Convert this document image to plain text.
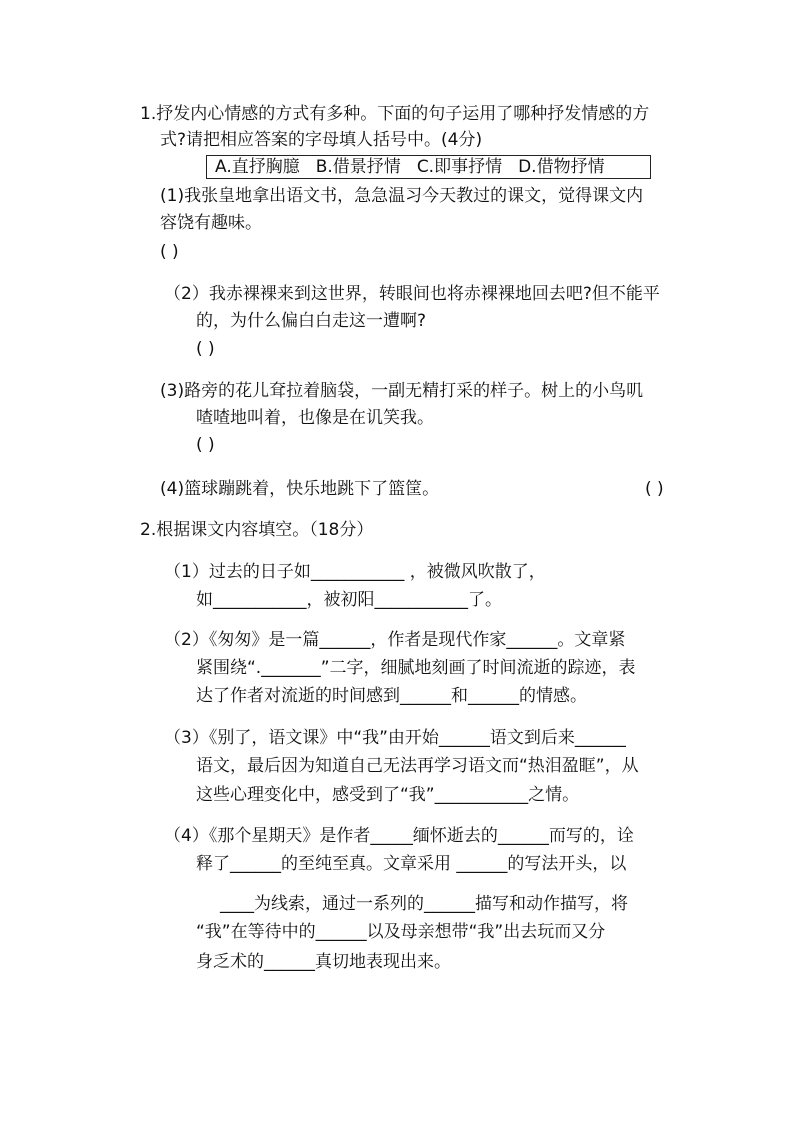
1.抒发内心情感的方式有多种。下面的句子运用了哪种抒发情感的方
式?请把相应答案的字母填人括号中。(4分)
A.直抒胸臆 B.借景抒情 C.即事抒情 D.借物抒情
(1)我张皇地拿出语文书，急急温习今天教过的课文，觉得课文内
容饶有趣味。
( )
（2）我赤裸裸来到这世界，转眼间也将赤裸裸地回去吧?但不能平
的，为什么偏白白走这一遭啊?
( )
(3)路旁的花儿耷拉着脑袋，一副无精打采的样子。树上的小鸟叽
喳喳地叫着，也像是在讥笑我。
( )
(4)篮球蹦跳着，快乐地跳下了篮筐。	( )
2.根据课文内容填空。（18分）
（1）过去的日子如___________ ，被微风吹散了，
如___________，被初阳___________了。
（2）《匆匆》是一篇______，作者是现代作家______。文章紧
紧围绕“._______”二字，细腻地刻画了时间流逝的踪迹，表
达了作者对流逝的时间感到______和______的情感。
（3）《别了，语文课》中“我”由开始______语文到后来______
语文，最后因为知道自己无法再学习语文而“热泪盈眶”，从
这些心理变化中，感受到了“我”___________之情。
（4）《那个星期天》是作者_____缅怀逝去的______而写的，诠
释了______的至纯至真。文章采用 ______的写法开头，以
____为线索，通过一系列的______描写和动作描写，将
“我”在等待中的______以及母亲想带“我”出去玩而又分
身乏术的______真切地表现出来。
